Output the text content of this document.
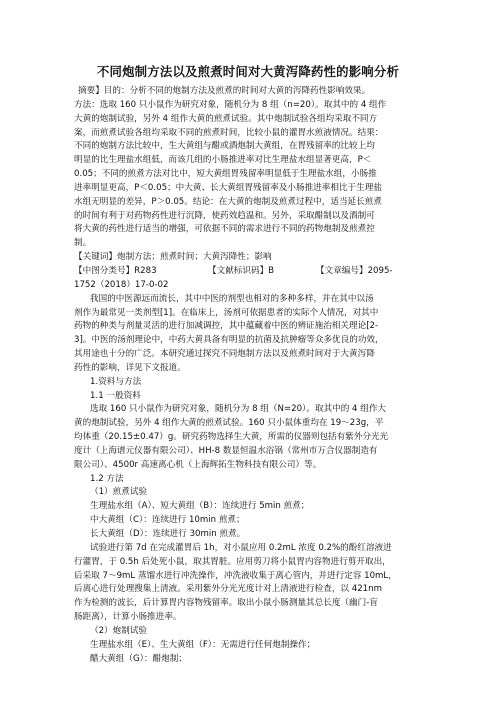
不同炮制方法以及煎煮时间对大黄泻降药性的影响分析
摘要】目的：分析不同的炮制方法及煎煮的时间对大黄的泻降药性影响效果。
方法：选取 160 只小鼠作为研究对象，随机分为 8 组（n=20）。取其中的 4 组作
大黄的炮制试验，另外 4 组作大黄的煎煮试验。其中炮制试验各组均采取不同方
案，而煎煮试验各组均采取不同的煎煮时间，比较小鼠的灌胃水煎液情况。结果：
不同的炮制方法比较中，生大黄组与醋或酒炮制大黄组，在胃残留率的比较上均
明显的比生理盐水组低，而该几组的小肠推进率对比生理盐水组显著更高，P＜
0.05；不同的煎煮方法对比中，短大黄组胃残留率明显低于生理盐水组，小肠推
进率明显更高，P＜0.05；中大黄、长大黄组胃残留率及小肠推进率相比于生理盐
水组无明显的差异，P＞0.05。结论：在大黄的炮制及煎煮过程中，适当延长煎煮
的时间有利于对药物药性进行沉降，使药效趋温和。另外，采取醋制以及酒制可
将大黄的药性进行适当的增强，可依据不同的需求进行不同的药物炮制及煎煮控
制。
【关键词】炮制方法；煎煮时间；大黄泻降性；影响
【中图分类号】R283	【文献标识码】B	【文章编号】2095-
1752（2018）17-0-02
我国的中医源远而流长，其中中医的剂型也相对的多种多样，并在其中以汤
剂作为最常见一类剂型[1]。在临床上，汤剂可依据患者的实际个人情况，对其中
药物的种类与剂量灵活的进行加减调控，其中蕴藏着中医的辨证施治相关理论[2-
3]。中医的汤剂理论中，中药大黄具备有明显的抗菌及抗肿瘤等众多优良的功效，
其用途也十分的广泛。本研究通过探究不同炮制方法以及煎煮时间对于大黄泻降
药性的影响，详见下文报道。
1.资料与方法
1.1 一般资料
选取 160 只小鼠作为研究对象，随机分为 8 组（N=20）。取其中的 4 组作大
黄的炮制试验，另外 4 组作大黄的煎煮试验。160 只小鼠体重均在 19～23g，平
均体重（20.15±0.47）g。研究药物选择生大黄，所需的仪器则包括有紫外分光光
度计（上海谱元仪器有限公司）、HH-8 数显恒温水浴锅（常州市万合仪器制造有
限公司）、4500r 高速离心机（上海辉拓生物科技有限公司）等。
1.2 方法
（1）煎煮试验
生理盐水组（A）、短大黄组（B）：连续进行 5min 煎煮；
中大黄组（C）：连续进行 10min 煎煮；
长大黄组（D）：连续进行 30min 煎煮。
试验进行第 7d 在完成灌胃后 1h，对小鼠应用 0.2mL 浓度 0.2%的酚红溶液进
行灌胃，于 0.5h 后处死小鼠，取其胃脏。应用剪刀将小鼠胃内容物进行剪开取出，
后采取 7～9mL 蒸馏水进行冲洗操作，冲洗液收集于离心管内，并进行定容 10mL，
后离心进行处理搜集上清液。采用紫外分光光度计对上清液进行检查，以 421nm
作为检测的波长，后计算胃内容物残留率。取出小鼠小肠测量其总长度（幽门-盲
肠距离），计算小肠推进率。
（2）炮制试验
生理盐水组（E）、生大黄组（F）：无需进行任何炮制操作；
醋大黄组（G）：醋炮制；
